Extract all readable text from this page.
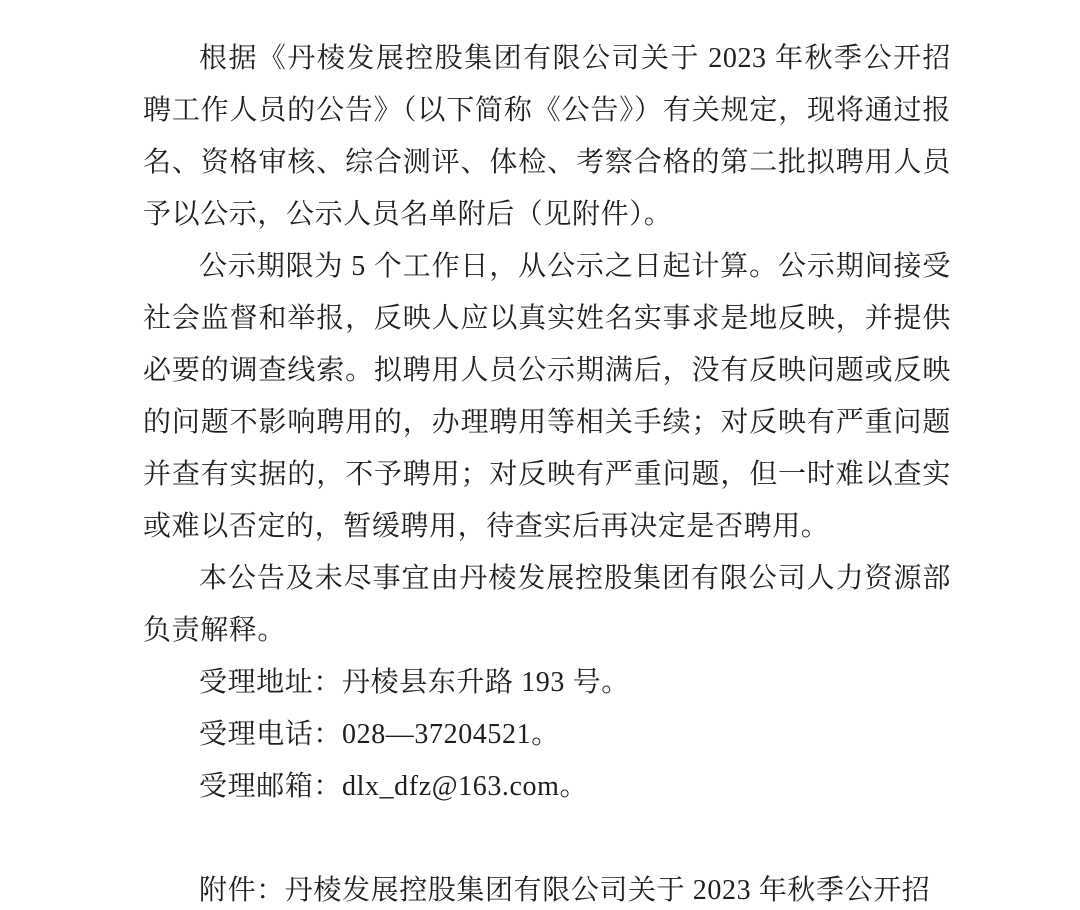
根据《丹棱发展控股集团有限公司关于 2023 年秋季公开招聘工作人员的公告》（以下简称《公告》）有关规定，现将通过报名、资格审核、综合测评、体检、考察合格的第二批拟聘用人员予以公示，公示人员名单附后（见附件）。

公示期限为 5 个工作日，从公示之日起计算。公示期间接受社会监督和举报，反映人应以真实姓名实事求是地反映，并提供必要的调查线索。拟聘用人员公示期满后，没有反映问题或反映的问题不影响聘用的，办理聘用等相关手续；对反映有严重问题并查有实据的，不予聘用；对反映有严重问题，但一时难以查实或难以否定的，暂缓聘用，待查实后再决定是否聘用。

本公告及未尽事宜由丹棱发展控股集团有限公司人力资源部负责解释。

受理地址：丹棱县东升路 193 号。

受理电话：028—37204521。

受理邮箱：dlx_dfz@163.com。

附件：丹棱发展控股集团有限公司关于 2023 年秋季公开招
